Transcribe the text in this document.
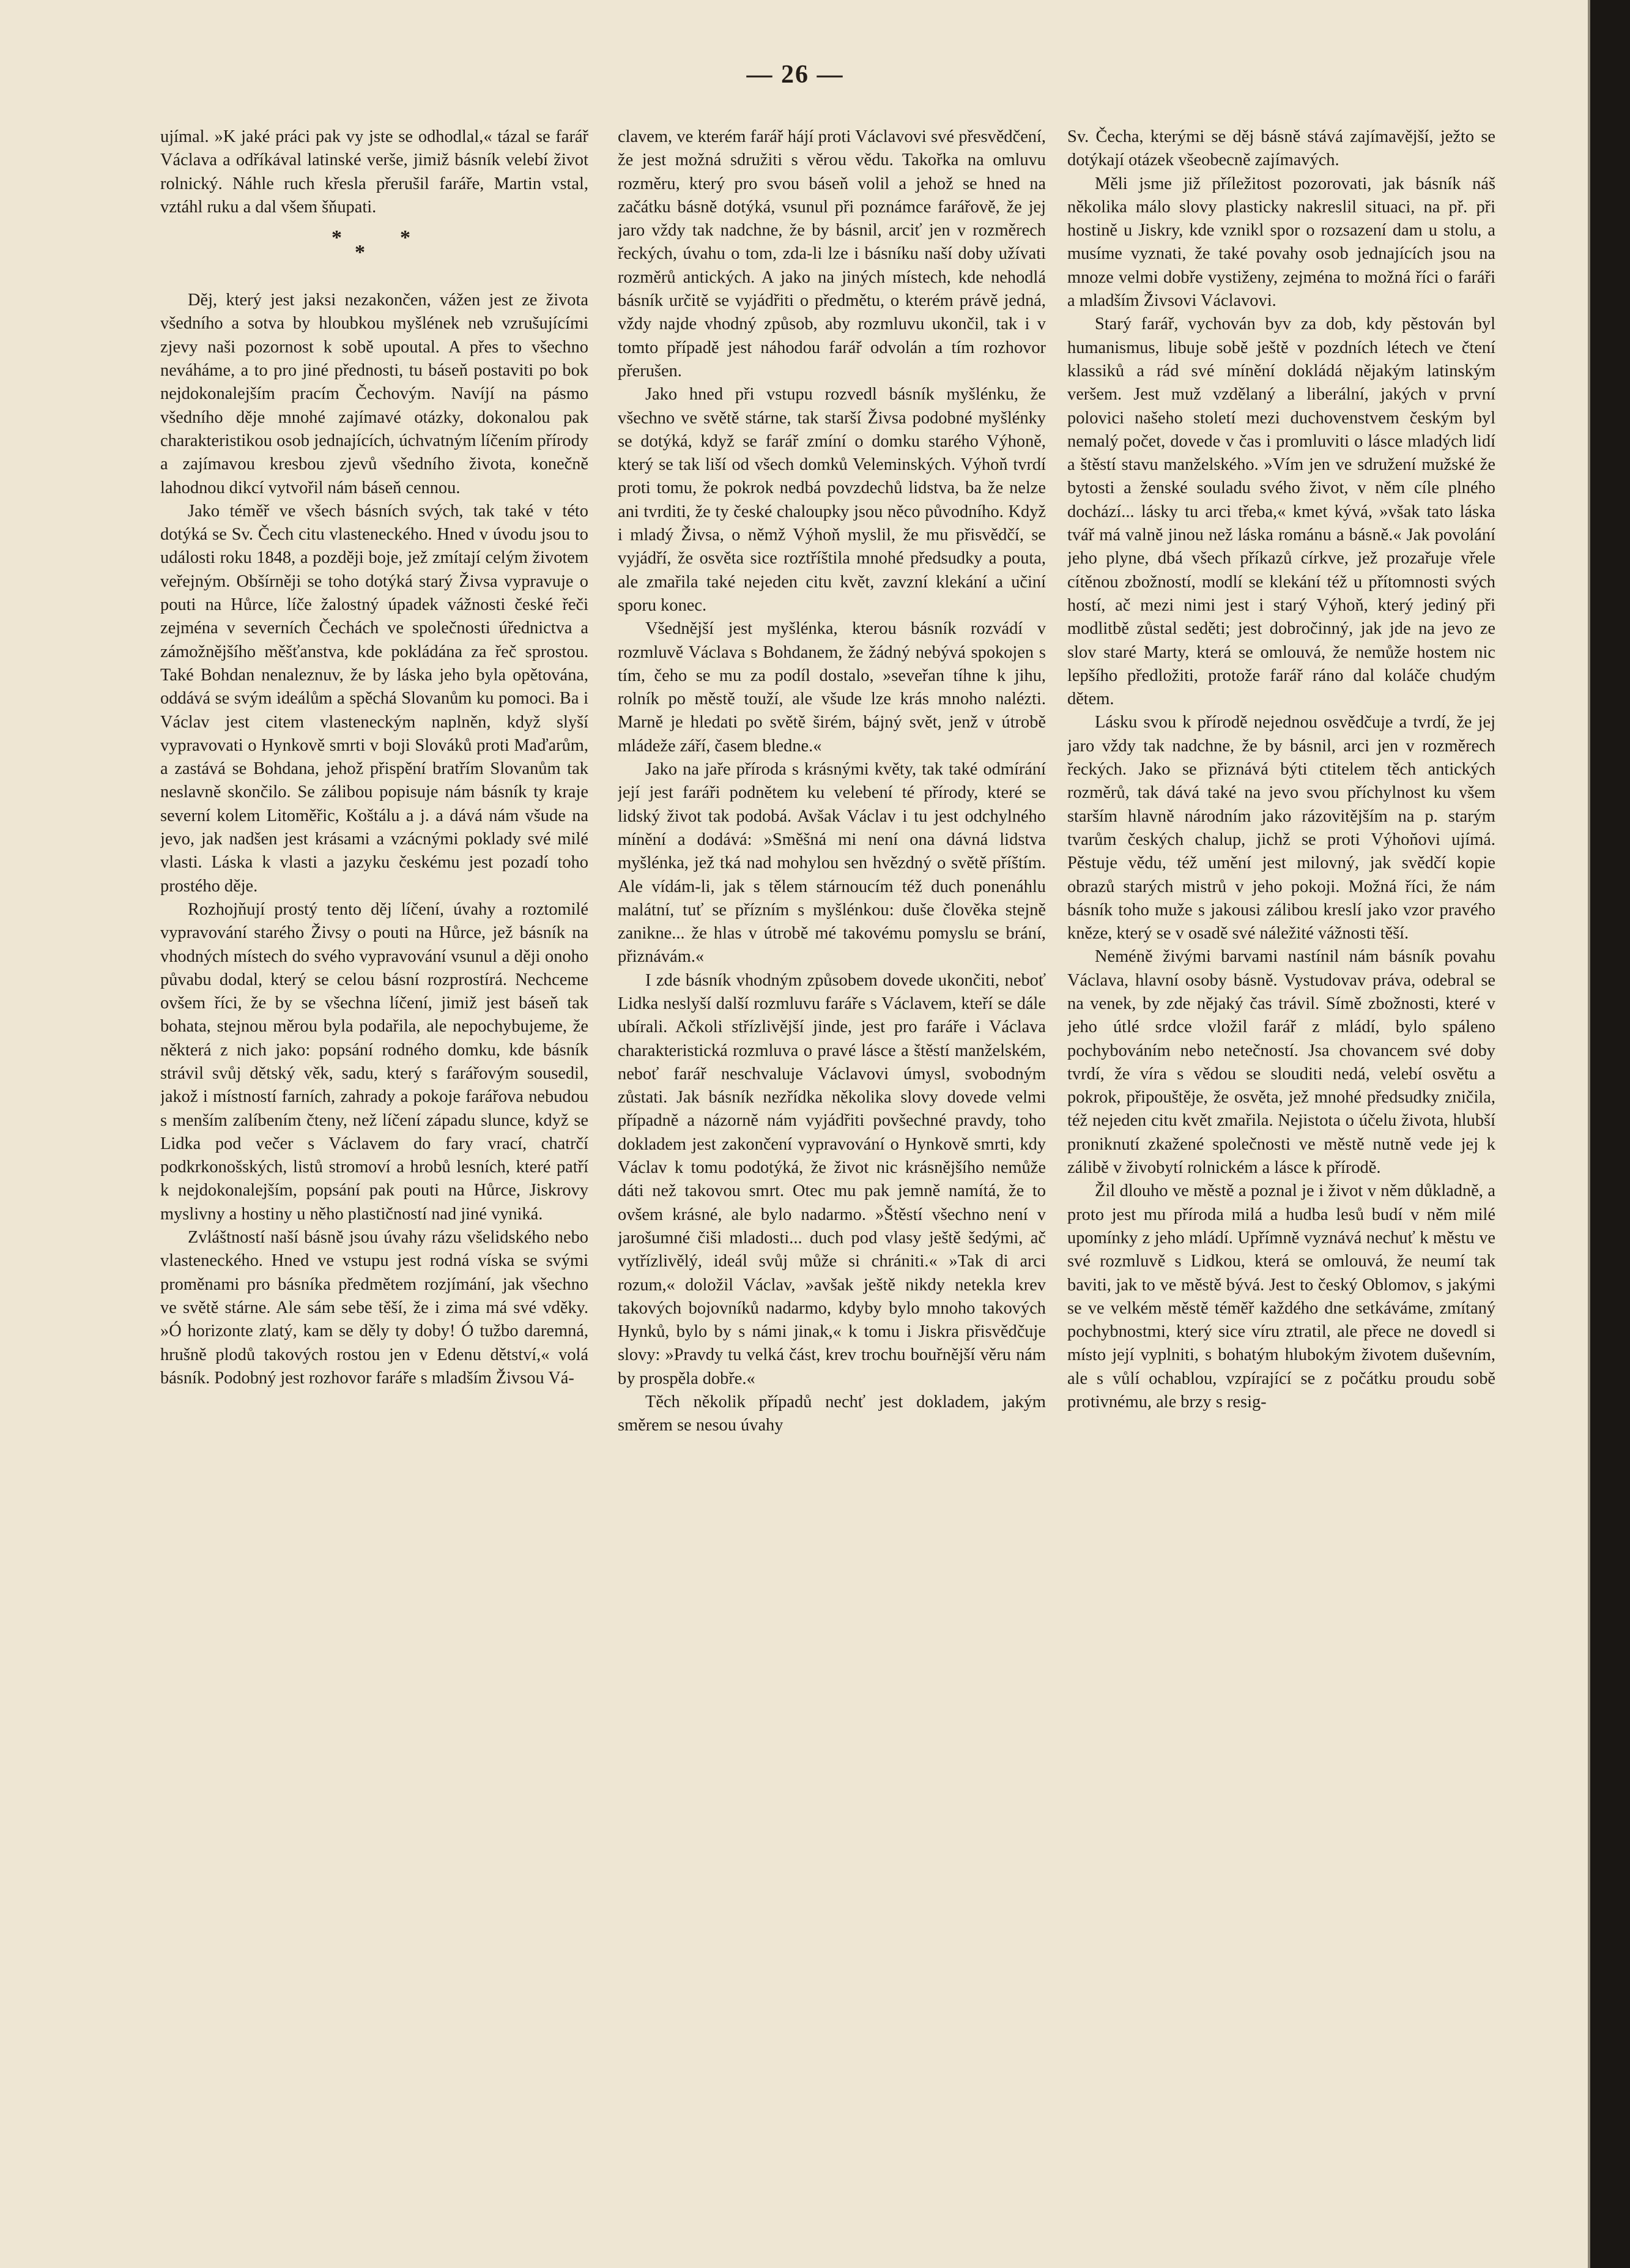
— 26 —

ujímal. »K jaké práci pak vy jste se odhodlal,« tázal se farář Václava a odříkával latinské verše, jimiž básník velebí život rolnický. Náhle ruch křesla přerušil faráře, Martin vstal, vztáhl ruku a dal všem šňupati.

*
*
*

Děj, který jest jaksi nezakončen, vážen jest ze života všedního a sotva by hloubkou myšlének neb vzrušujícími zjevy naši pozornost k sobě upoutal. A přes to všechno neváháme, a to pro jiné přednosti, tu báseň postaviti po bok nejdokonalejším pracím Čechovým. Navíjí na pásmo všedního děje mnohé zajímavé otázky, dokonalou pak charakteristikou osob jednajících, úchvatným líčením přírody a zajímavou kresbou zjevů všedního života, konečně lahodnou dikcí vytvořil nám báseň cennou.

Jako téměř ve všech básních svých, tak také v této dotýká se Sv. Čech citu vlasteneckého. Hned v úvodu jsou to události roku 1848, a později boje, jež zmítají celým životem veřejným. Obšírněji se toho dotýká starý Živsa vypravuje o pouti na Hůrce, líče žalostný úpadek vážnosti české řeči zejména v severních Čechách ve společnosti úřednictva a zámožnějšího měšťanstva, kde pokládána za řeč sprostou. Také Bohdan nenaleznuv, že by láska jeho byla opětována, oddává se svým ideálům a spěchá Slovanům ku pomoci. Ba i Václav jest citem vlasteneckým naplněn, když slyší vypravovati o Hynkově smrti v boji Slováků proti Maďarům, a zastává se Bohdana, jehož přispění bratřím Slovanům tak neslavně skončilo. Se zálibou popisuje nám básník ty kraje severní kolem Litoměřic, Koštálu a j. a dává nám všude na jevo, jak nadšen jest krásami a vzácnými poklady své milé vlasti. Láska k vlasti a jazyku českému jest pozadí toho prostého děje.

Rozhojňují prostý tento děj líčení, úvahy a roztomilé vypravování starého Živsy o pouti na Hůrce, jež básník na vhodných místech do svého vypravování vsunul a ději onoho půvabu dodal, který se celou básní rozprostírá. Nechceme ovšem říci, že by se všechna líčení, jimiž jest báseň tak bohata, stejnou měrou byla podařila, ale nepochybujeme, že některá z nich jako: popsání rodného domku, kde básník strávil svůj dětský věk, sadu, který s farářovým sousedil, jakož i místností farních, zahrady a pokoje farářova nebudou s menším zalíbením čteny, než líčení západu slunce, když se Lidka pod večer s Václavem do fary vrací, chatrčí podkrkonošských, listů stromoví a hrobů lesních, které patří k nejdokonalejším, popsání pak pouti na Hůrce, Jiskrovy myslivny a hostiny u něho plastičností nad jiné vyniká.

Zvláštností naší básně jsou úvahy rázu všelidského nebo vlasteneckého. Hned ve vstupu jest rodná víska se svými proměnami pro básníka předmětem rozjímání, jak všechno ve světě stárne. Ale sám sebe těší, že i zima má své vděky. »Ó horizonte zlatý, kam se děly ty doby! Ó tužbo daremná, hrušně plodů takových rostou jen v Edenu dětství,« volá básník. Podobný jest rozhovor faráře s mladším Živsou Vá-

clavem, ve kterém farář hájí proti Václavovi své přesvědčení, že jest možná sdružiti s věrou vědu. Takořka na omluvu rozměru, který pro svou báseň volil a jehož se hned na začátku básně dotýká, vsunul při poznámce farářově, že jej jaro vždy tak nadchne, že by básnil, arciť jen v rozměrech řeckých, úvahu o tom, zda-li lze i básníku naší doby užívati rozměrů antických. A jako na jiných místech, kde nehodlá básník určitě se vyjádřiti o předmětu, o kterém právě jedná, vždy najde vhodný způsob, aby rozmluvu ukončil, tak i v tomto případě jest náhodou farář odvolán a tím rozhovor přerušen.

Jako hned při vstupu rozvedl básník myšlénku, že všechno ve světě stárne, tak starší Živsa podobné myšlénky se dotýká, když se farář zmíní o domku starého Výhoně, který se tak liší od všech domků Veleminských. Výhoň tvrdí proti tomu, že pokrok nedbá povzdechů lidstva, ba že nelze ani tvrditi, že ty české chaloupky jsou něco původního. Když i mladý Živsa, o němž Výhoň myslil, že mu přisvědčí, se vyjádří, že osvěta sice roztříštila mnohé předsudky a pouta, ale zmařila také nejeden citu květ, zavzní klekání a učiní sporu konec.

Všednější jest myšlénka, kterou básník rozvádí v rozmluvě Václava s Bohdanem, že žádný nebývá spokojen s tím, čeho se mu za podíl dostalo, »seveřan tíhne k jihu, rolník po městě touží, ale všude lze krás mnoho nalézti. Marně je hledati po světě širém, bájný svět, jenž v útrobě mládeže září, časem bledne.«

Jako na jaře příroda s krásnými květy, tak také odmírání její jest faráři podnětem ku velebení té přírody, které se lidský život tak podobá. Avšak Václav i tu jest odchylného mínění a dodává: »Směšná mi není ona dávná lidstva myšlénka, jež tká nad mohylou sen hvězdný o světě příštím. Ale vídám-li, jak s tělem stárnoucím též duch ponenáhlu malátní, tuť se přízním s myšlénkou: duše člověka stejně zanikne... že hlas v útrobě mé takovému pomyslu se brání, přiznávám.«

I zde básník vhodným způsobem dovede ukončiti, neboť Lidka neslyší další rozmluvu faráře s Václavem, kteří se dále ubírali. Ačkoli střízlivější jinde, jest pro faráře i Václava charakteristická rozmluva o pravé lásce a štěstí manželském, neboť farář neschvaluje Václavovi úmysl, svobodným zůstati. Jak básník nezřídka několika slovy dovede velmi případně a názorně nám vyjádřiti povšechné pravdy, toho dokladem jest zakončení vypravování o Hynkově smrti, kdy Václav k tomu podotýká, že život nic krásnějšího nemůže dáti než takovou smrt. Otec mu pak jemně namítá, že to ovšem krásné, ale bylo nadarmo. »Štěstí všechno není v jarošumné čiši mladosti... duch pod vlasy ještě šedými, ač vytřízlivělý, ideál svůj může si chrániti.« »Tak di arci rozum,« doložil Václav, »avšak ještě nikdy netekla krev takových bojovníků nadarmo, kdyby bylo mnoho takových Hynků, bylo by s námi jinak,« k tomu i Jiskra přisvědčuje slovy: »Pravdy tu velká část, krev trochu bouřnější věru nám by prospěla dobře.«

Těch několik případů nechť jest dokladem, jakým směrem se nesou úvahy

Sv. Čecha, kterými se děj básně stává zajímavější, ježto se dotýkají otázek všeobecně zajímavých.

Měli jsme již příležitost pozorovati, jak básník náš několika málo slovy plasticky nakreslil situaci, na př. při hostině u Jiskry, kde vznikl spor o rozsazení dam u stolu, a musíme vyznati, že také povahy osob jednajících jsou na mnoze velmi dobře vystiženy, zejména to možná říci o faráři a mladším Živsovi Václavovi.

Starý farář, vychován byv za dob, kdy pěstován byl humanismus, libuje sobě ještě v pozdních létech ve čtení klassiků a rád své mínění dokládá nějakým latinským veršem. Jest muž vzdělaný a liberální, jakých v první polovici našeho století mezi duchovenstvem českým byl nemalý počet, dovede v čas i promluviti o lásce mladých lidí a štěstí stavu manželského. »Vím jen ve sdružení mužské že bytosti a ženské souladu svého život, v něm cíle plného dochází... lásky tu arci třeba,« kmet kývá, »však tato láska tvář má valně jinou než láska románu a básně.« Jak povolání jeho plyne, dbá všech příkazů církve, jež prozařuje vřele cítěnou zbožností, modlí se klekání též u přítomnosti svých hostí, ač mezi nimi jest i starý Výhoň, který jediný při modlitbě zůstal seděti; jest dobročinný, jak jde na jevo ze slov staré Marty, která se omlouvá, že nemůže hostem nic lepšího předložiti, protože farář ráno dal koláče chudým dětem.

Lásku svou k přírodě nejednou osvědčuje a tvrdí, že jej jaro vždy tak nadchne, že by básnil, arci jen v rozměrech řeckých. Jako se přiznává býti ctitelem těch antických rozměrů, tak dává také na jevo svou příchylnost ku všem starším hlavně národním jako rázovitějším na p. starým tvarům českých chalup, jichž se proti Výhoňovi ujímá. Pěstuje vědu, též umění jest milovný, jak svědčí kopie obrazů starých mistrů v jeho pokoji. Možná říci, že nám básník toho muže s jakousi zálibou kreslí jako vzor pravého kněze, který se v osadě své náležité vážnosti těší.

Neméně živými barvami nastínil nám básník povahu Václava, hlavní osoby básně. Vystudovav práva, odebral se na venek, by zde nějaký čas trávil. Símě zbožnosti, které v jeho útlé srdce vložil farář z mládí, bylo spáleno pochybováním nebo netečností. Jsa chovancem své doby tvrdí, že víra s vědou se slouditi nedá, velebí osvětu a pokrok, připouštěje, že osvěta, jež mnohé předsudky zničila, též nejeden citu květ zmařila. Nejistota o účelu života, hlubší proniknutí zkažené společnosti ve městě nutně vede jej k zálibě v živobytí rolnickém a lásce k přírodě.

Žil dlouho ve městě a poznal je i život v něm důkladně, a proto jest mu příroda milá a hudba lesů budí v něm milé upomínky z jeho mládí. Upřímně vyznává nechuť k městu ve své rozmluvě s Lidkou, která se omlouvá, že neumí tak baviti, jak to ve městě bývá. Jest to český Oblomov, s jakými se ve velkém městě téměř každého dne setkáváme, zmítaný pochybnostmi, který sice víru ztratil, ale přece ne dovedl si místo její vyplniti, s bohatým hlubokým životem duševním, ale s vůlí ochablou, vzpírající se z počátku proudu sobě protivnému, ale brzy s resig-
